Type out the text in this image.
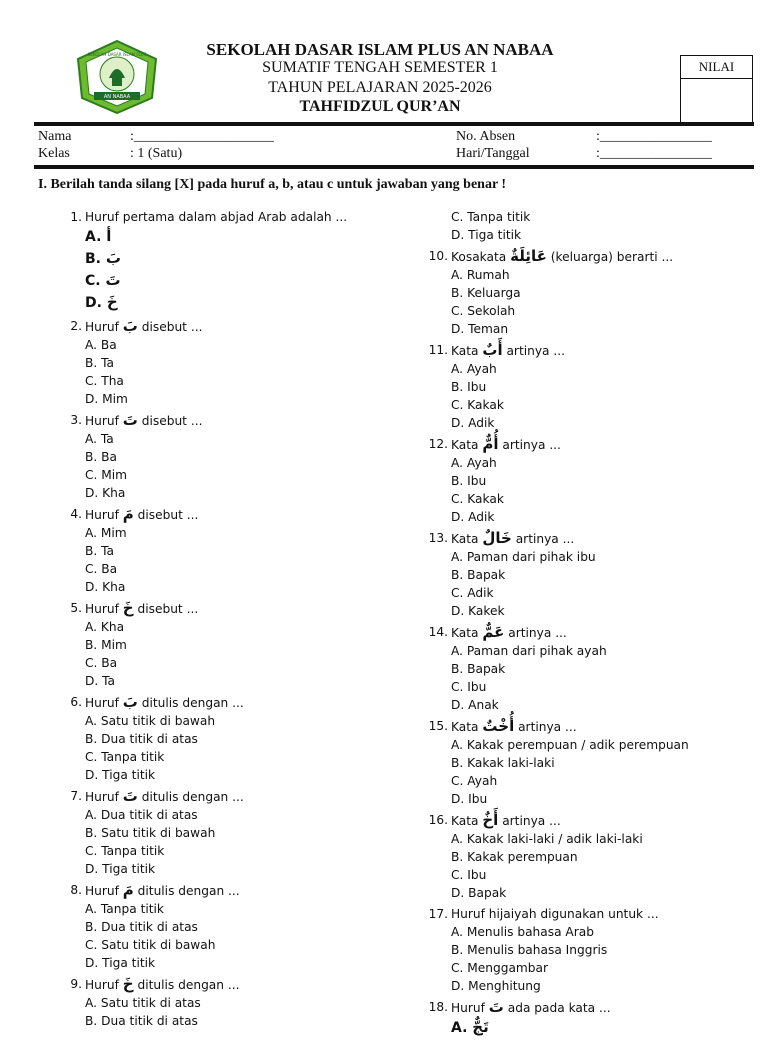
AN NABAA
SEKOLAH DASAR ISLAM PLUS	SEKOLAH DASAR ISLAM PLUS AN NABAA
SUMATIF TENGAH SEMESTER 1
TAHUN PELAJARAN 2025-2026
TAHFIDZUL QUR’AN
NILAI
Nama	:____________________
Kelas	: 1 (Satu)
No. Absen	:________________
Hari/Tanggal	:________________
I. Berilah tanda silang [X] pada huruf a, b, atau c untuk jawaban yang benar !
1. Huruf pertama dalam abjad Arab adalah ...
A. أ
B. بَ
C. تَ
D. خَ
2. Huruf بَ disebut ...
A. Ba
B. Ta
C. Tha
D. Mim
3. Huruf تَ disebut ...
A. Ta
B. Ba
C. Mim
D. Kha
4. Huruf مَ disebut ...
A. Mim
B. Ta
C. Ba
D. Kha
5. Huruf خَ disebut ...
A. Kha
B. Mim
C. Ba
D. Ta
6. Huruf بَ ditulis dengan ...
A. Satu titik di bawah
B. Dua titik di atas
C. Tanpa titik
D. Tiga titik
7. Huruf تَ ditulis dengan ...
A. Dua titik di atas
B. Satu titik di bawah
C. Tanpa titik
D. Tiga titik
8. Huruf مَ ditulis dengan ...
A. Tanpa titik
B. Dua titik di atas
C. Satu titik di bawah
D. Tiga titik
9. Huruf خَ ditulis dengan ...
A. Satu titik di atas
B. Dua titik di atas
C. Tanpa titik
D. Tiga titik
10. Kosakata عَائِلَةٌ (keluarga) berarti ...
A. Rumah
B. Keluarga
C. Sekolah
D. Teman
11. Kata أَبٌ artinya ...
A. Ayah
B. Ibu
C. Kakak
D. Adik
12. Kata أُمٌّ artinya ...
A. Ayah
B. Ibu
C. Kakak
D. Adik
13. Kata خَالٌ artinya ...
A. Paman dari pihak ibu
B. Bapak
C. Adik
D. Kakek
14. Kata عَمٌّ artinya ...
A. Paman dari pihak ayah
B. Bapak
C. Ibu
D. Anak
15. Kata أُخْتٌ artinya ...
A. Kakak perempuan / adik perempuan
B. Kakak laki-laki
C. Ayah
D. Ibu
16. Kata أَخٌ artinya ...
A. Kakak laki-laki / adik laki-laki
B. Kakak perempuan
C. Ibu
D. Bapak
17. Huruf hijaiyah digunakan untuk ...
A. Menulis bahasa Arab
B. Menulis bahasa Inggris
C. Menggambar
D. Menghitung
18. Huruf تَ ada pada kata ...
A. تَجٌّ
